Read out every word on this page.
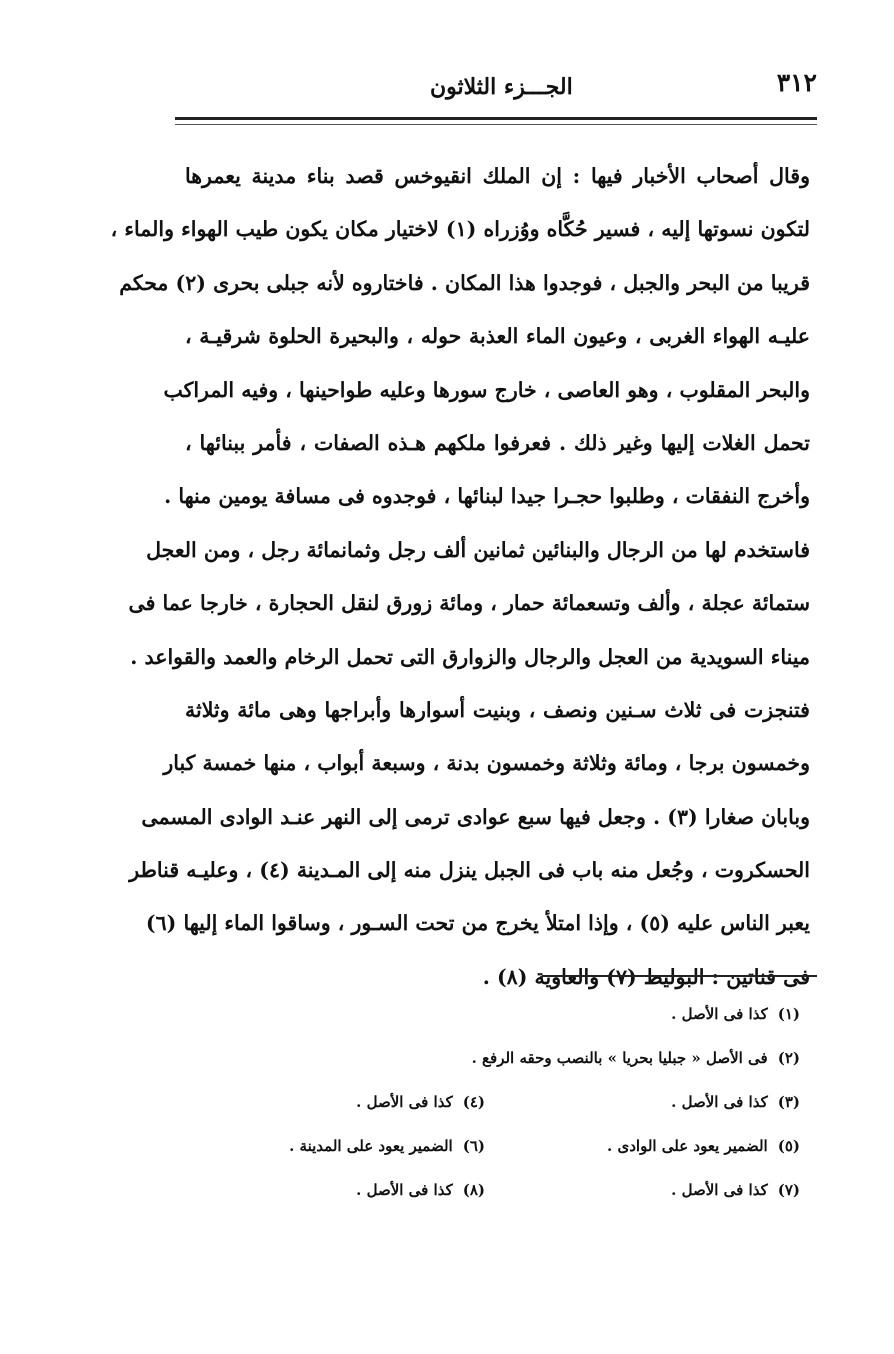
٣١٢
الجـــزء الثلاثون
وقال أصحاب الأخبار فيها : إن الملك انقيوخس قصد بناء مدينة يعمرها
لتكون نسوتها إليه ، فسير حُكَّاه ووُزراه (١) لاختيار مكان يكون طيب الهواء والماء ،
قريبا من البحر والجبل ، فوجدوا هذا المكان . فاختاروه لأنه جبلى بحرى (٢) محكم
عليـه الهواء الغربى ، وعيون الماء العذبة حوله ، والبحيرة الحلوة شرقيـة ،
والبحر المقلوب ، وهو العاصى ، خارج سورها وعليه طواحينها ، وفيه المراكب
تحمل الغلات إليها وغير ذلك . فعرفوا ملكهم هـذه الصفات ، فأمر ببنائها ،
وأخرج النفقات ، وطلبوا حجـرا جيدا لبنائها ، فوجدوه فى مسافة يومين منها .
فاستخدم لها من الرجال والبنائين ثمانين ألف رجل وثمانمائة رجل ، ومن العجل
ستمائة عجلة ، وألف وتسعمائة حمار ، ومائة زورق لنقل الحجارة ، خارجا عما فى
ميناء السويدية من العجل والرجال والزوارق التى تحمل الرخام والعمد والقواعد .
فتنجزت فى ثلاث سـنين ونصف ، وبنيت أسوارها وأبراجها وهى مائة وثلاثة
وخمسون برجا ، ومائة وثلاثة وخمسون بدنة ، وسبعة أبواب ، منها خمسة كبار
وبابان صغارا (٣) . وجعل فيها سبع عوادى ترمى إلى النهر عنـد الوادى المسمى
الحسكروت ، وجُعل منه باب فى الجبل ينزل منه إلى المـدينة (٤) ، وعليـه قناطر
يعبر الناس عليه (٥) ، وإذا امتلأ يخرج من تحت السـور ، وساقوا الماء إليها (٦)
فى قناتين : البوليط (٧) والعاوية (٨) .
(١)كذا فى الأصل .
(٢)فى الأصل « جبليا بحريا » بالنصب وحقه الرفع .
(٣)كذا فى الأصل .
(٤)كذا فى الأصل .
(٥)الضمير يعود على الوادى .
(٦)الضمير يعود على المدينة .
(٧)كذا فى الأصل .
(٨)كذا فى الأصل .
